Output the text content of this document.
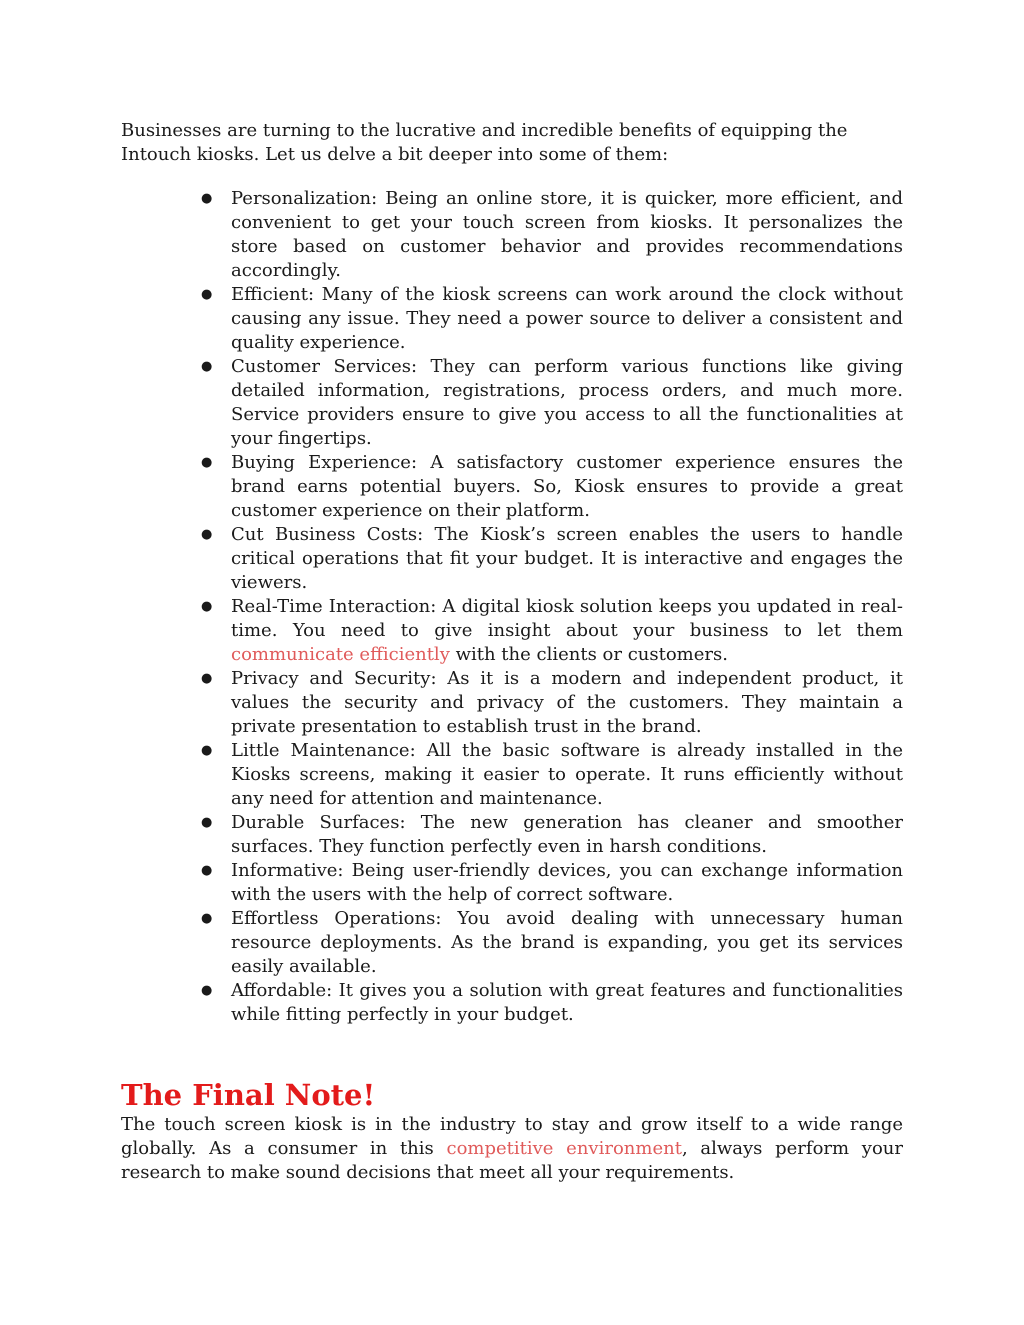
Businesses are turning to the lucrative and incredible benefits of equipping the Intouch kiosks. Let us delve a bit deeper into some of them:

● Personalization: Being an online store, it is quicker, more efficient, and convenient to get your touch screen from kiosks. It personalizes the store based on customer behavior and provides recommendations accordingly.
● Efficient: Many of the kiosk screens can work around the clock without causing any issue. They need a power source to deliver a consistent and quality experience.
● Customer Services: They can perform various functions like giving detailed information, registrations, process orders, and much more. Service providers ensure to give you access to all the functionalities at your fingertips.
● Buying Experience: A satisfactory customer experience ensures the brand earns potential buyers. So, Kiosk ensures to provide a great customer experience on their platform.
● Cut Business Costs: The Kiosk’s screen enables the users to handle critical operations that fit your budget. It is interactive and engages the viewers.
● Real-Time Interaction: A digital kiosk solution keeps you updated in real-time. You need to give insight about your business to let them communicate efficiently with the clients or customers.
● Privacy and Security: As it is a modern and independent product, it values the security and privacy of the customers. They maintain a private presentation to establish trust in the brand.
● Little Maintenance: All the basic software is already installed in the Kiosks screens, making it easier to operate. It runs efficiently without any need for attention and maintenance.
● Durable Surfaces: The new generation has cleaner and smoother surfaces. They function perfectly even in harsh conditions.
● Informative: Being user-friendly devices, you can exchange information with the users with the help of correct software.
● Effortless Operations: You avoid dealing with unnecessary human resource deployments. As the brand is expanding, you get its services easily available.
● Affordable: It gives you a solution with great features and functionalities while fitting perfectly in your budget.
The Final Note!

The touch screen kiosk is in the industry to stay and grow itself to a wide range globally. As a consumer in this competitive environment, always perform your research to make sound decisions that meet all your requirements.
